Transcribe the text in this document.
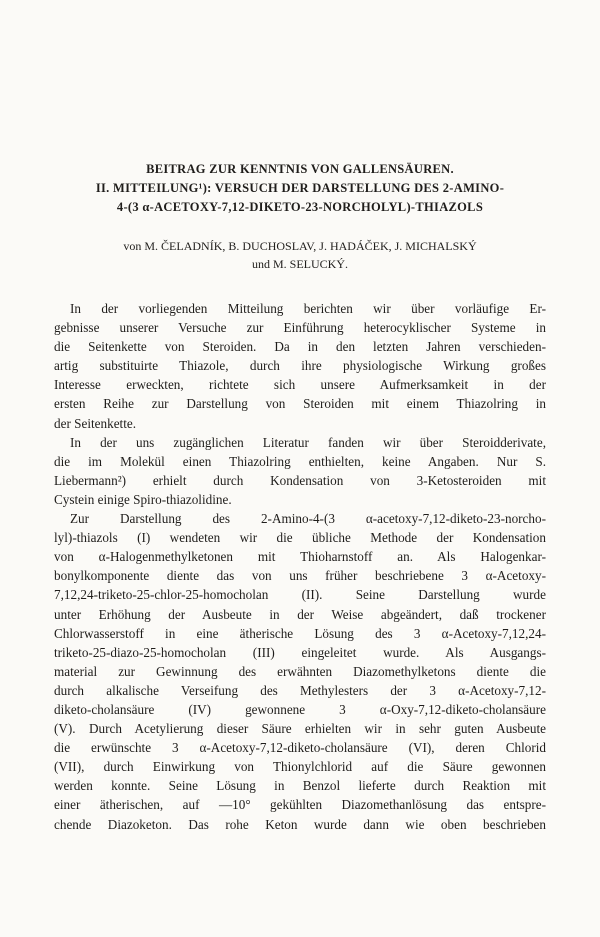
BEITRAG ZUR KENNTNIS VON GALLENSÄUREN.
II. MITTEILUNG¹): VERSUCH DER DARSTELLUNG DES 2-AMINO-
4-(3 α-ACETOXY-7,12-DIKETO-23-NORCHOLYL)-THIAZOLS
von M. ČELADNÍK, B. DUCHOSLAV, J. HADÁČEK, J. MICHALSKÝ
und M. SELUCKÝ.

In der vorliegenden Mitteilung berichten wir über vorläufige Er-
gebnisse unserer Versuche zur Einführung heterocyklischer Systeme in
die Seitenkette von Steroiden. Da in den letzten Jahren verschieden-
artig substituirte Thiazole, durch ihre physiologische Wirkung großes
Interesse erweckten, richtete sich unsere Aufmerksamkeit in der
ersten Reihe zur Darstellung von Steroiden mit einem Thiazolring in
der Seitenkette.

In der uns zugänglichen Literatur fanden wir über Steroidderivate,
die im Molekül einen Thiazolring enthielten, keine Angaben. Nur S.
Liebermann²) erhielt durch Kondensation von 3-Ketosteroiden mit
Cystein einige Spiro-thiazolidine.

Zur Darstellung des 2-Amino-4-(3 α-acetoxy-7,12-diketo-23-norcho-
lyl)-thiazols (I) wendeten wir die übliche Methode der Kondensation
von α-Halogenmethylketonen mit Thioharnstoff an. Als Halogenkar-
bonylkomponente diente das von uns früher beschriebene 3 α-Acetoxy-
7,12,24-triketo-25-chlor-25-homocholan (II). Seine Darstellung wurde
unter Erhöhung der Ausbeute in der Weise abgeändert, daß trockener
Chlorwasserstoff in eine ätherische Lösung des 3 α-Acetoxy-7,12,24-
triketo-25-diazo-25-homocholan (III) eingeleitet wurde. Als Ausgangs-
material zur Gewinnung des erwähnten Diazomethylketons diente die
durch alkalische Verseifung des Methylesters der 3 α-Acetoxy-7,12-
diketo-cholansäure (IV) gewonnene 3 α-Oxy-7,12-diketo-cholansäure
(V). Durch Acetylierung dieser Säure erhielten wir in sehr guten Ausbeute
die erwünschte 3 α-Acetoxy-7,12-diketo-cholansäure (VI), deren Chlorid
(VII), durch Einwirkung von Thionylchlorid auf die Säure gewonnen
werden konnte. Seine Lösung in Benzol lieferte durch Reaktion mit
einer ätherischen, auf —10° gekühlten Diazomethanlösung das entspre-
chende Diazoketon. Das rohe Keton wurde dann wie oben beschrieben
